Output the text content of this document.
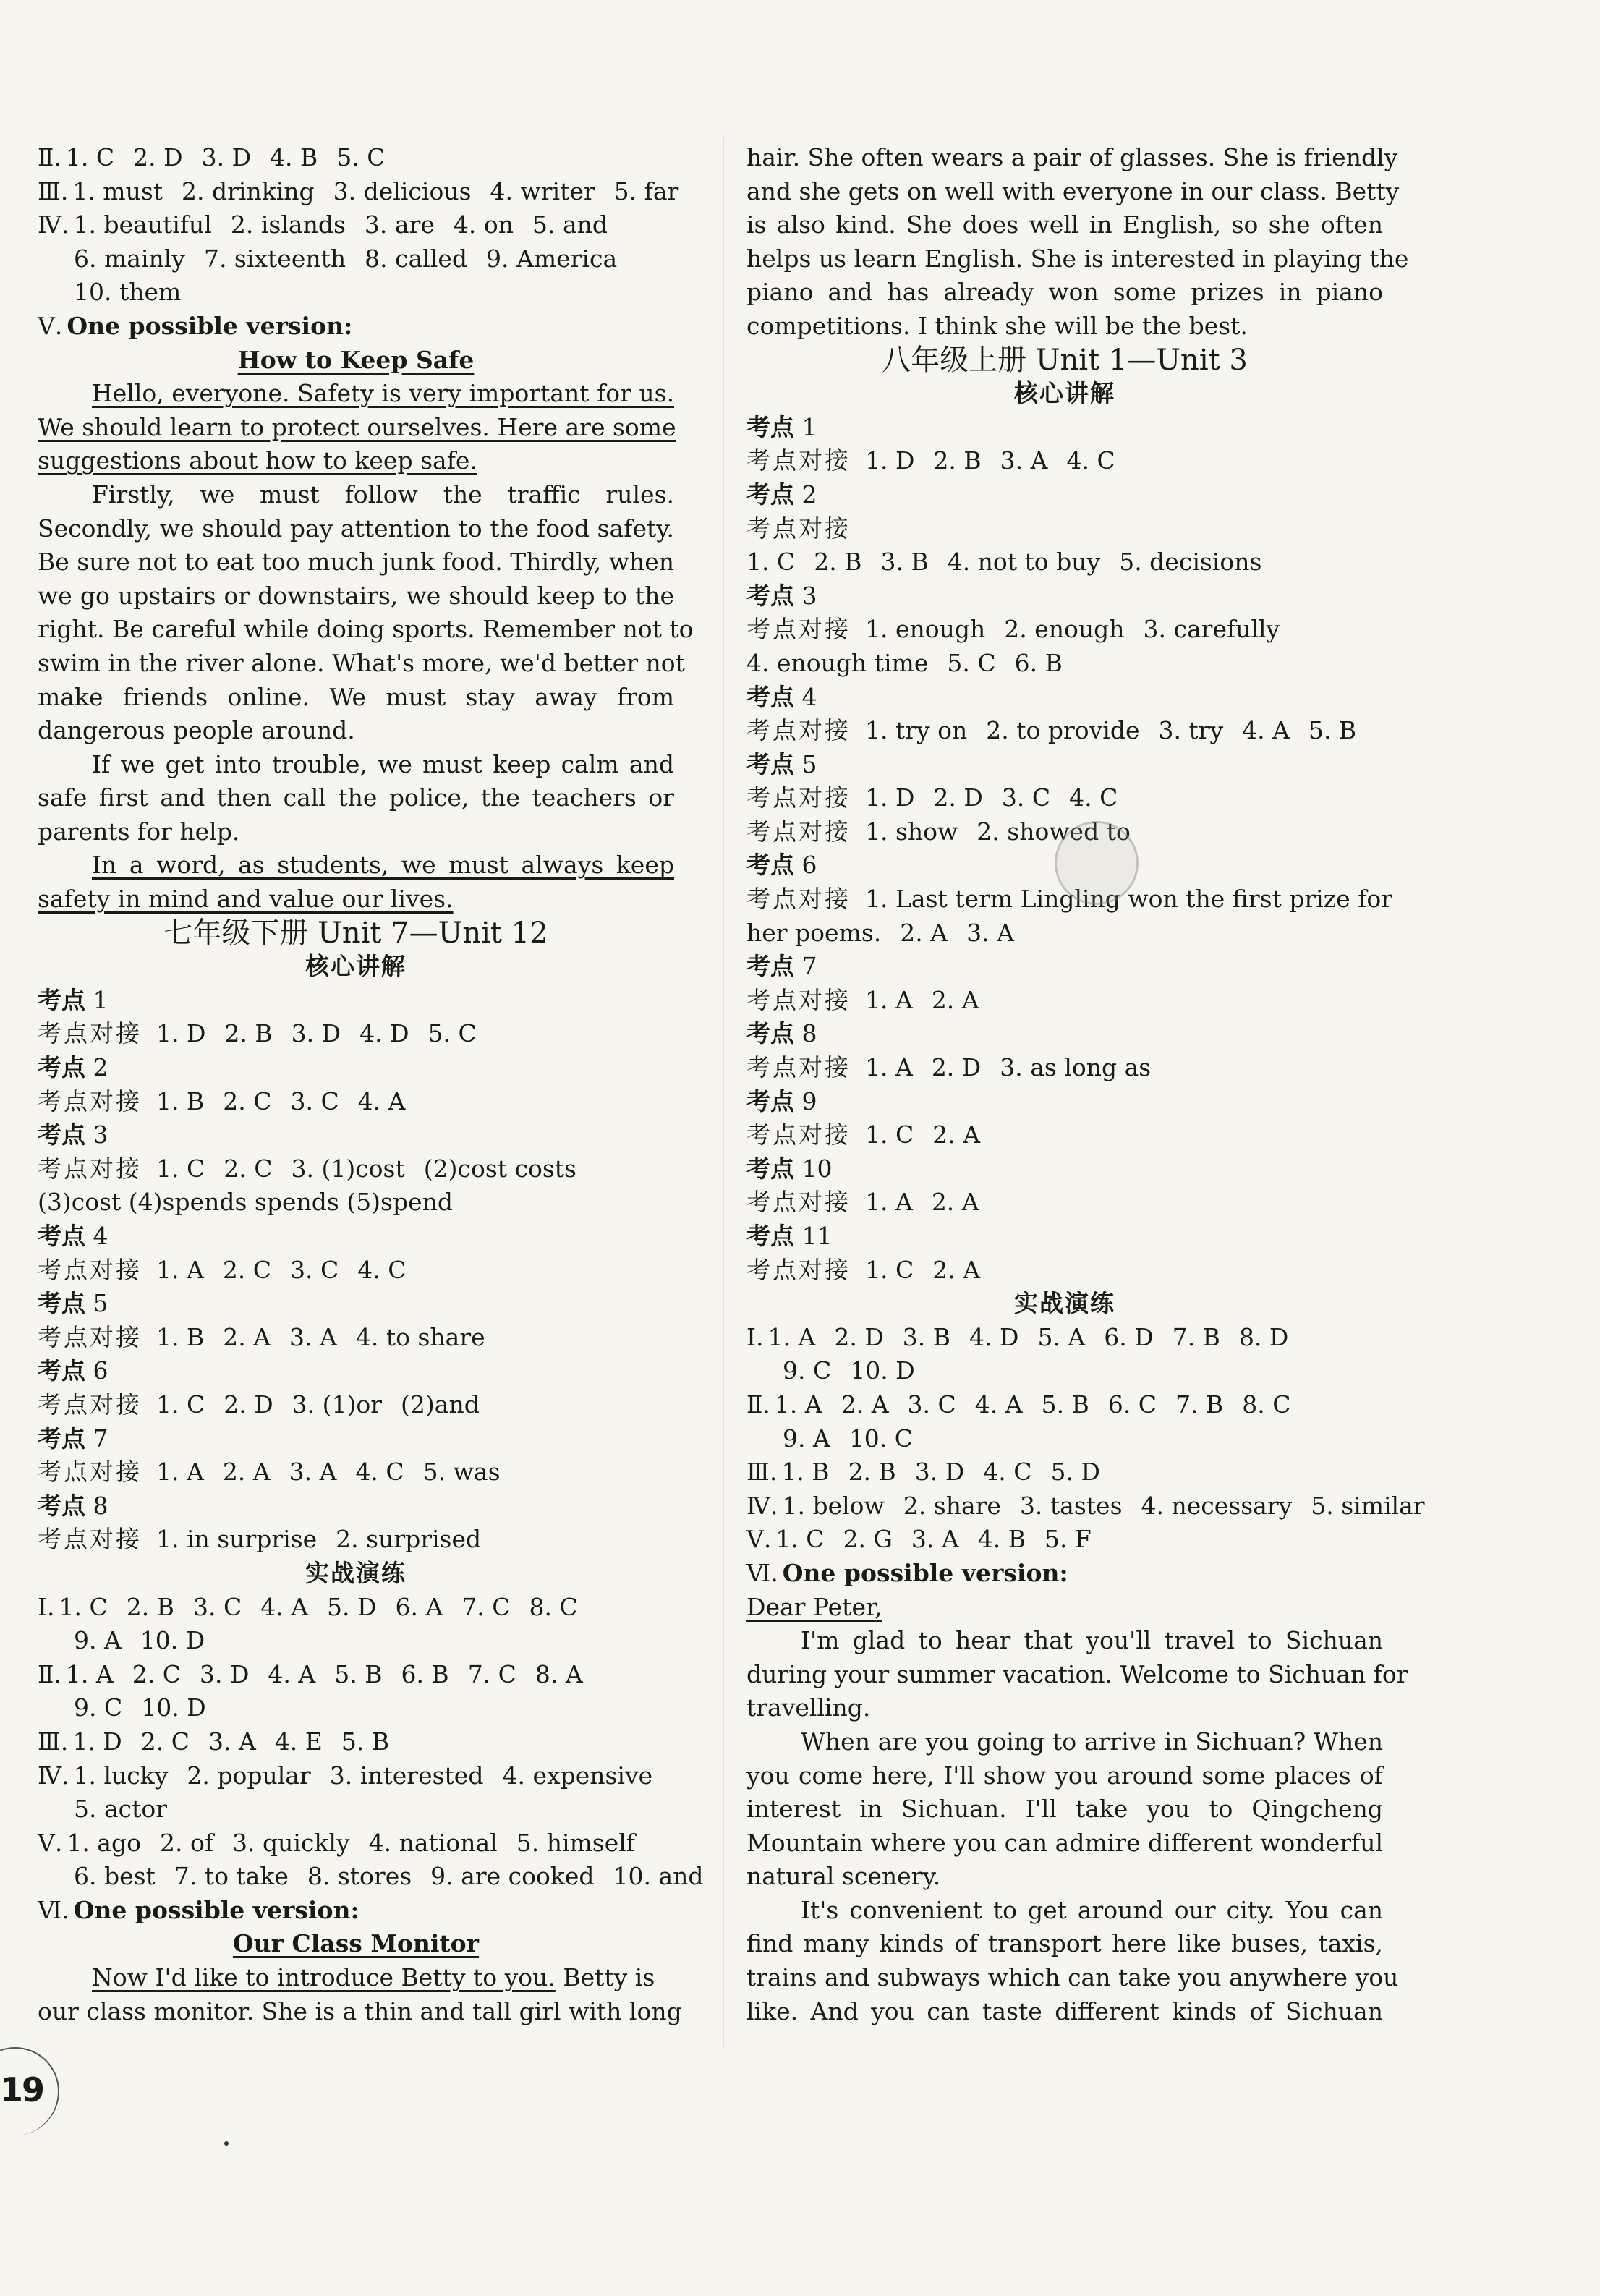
Ⅱ. 1. C 2. D 3. D 4. B 5. C
Ⅲ. 1. must 2. drinking 3. delicious 4. writer 5. far
Ⅳ. 1. beautiful 2. islands 3. are 4. on 5. and
6. mainly 7. sixteenth 8. called 9. America
10. them
Ⅴ. One possible version:
How to Keep Safe
Hello, everyone. Safety is very important for us.
We should learn to protect ourselves. Here are some
suggestions about how to keep safe.
Firstly, we must follow the traffic rules.
Secondly, we should pay attention to the food safety.
Be sure not to eat too much junk food. Thirdly, when
we go upstairs or downstairs, we should keep to the
right. Be careful while doing sports. Remember not to
swim in the river alone. What's more, we'd better not
make friends online. We must stay away from
dangerous people around.
If we get into trouble, we must keep calm and
safe first and then call the police, the teachers or
parents for help.
In a word, as students, we must always keep
safety in mind and value our lives.
七年级下册 Unit 7—Unit 12
核心讲解
考点 1
考点对接 1. D 2. B 3. D 4. D 5. C
考点 2
考点对接 1. B 2. C 3. C 4. A
考点 3
考点对接 1. C 2. C 3. (1)cost (2)cost costs
(3)cost (4)spends spends (5)spend
考点 4
考点对接 1. A 2. C 3. C 4. C
考点 5
考点对接 1. B 2. A 3. A 4. to share
考点 6
考点对接 1. C 2. D 3. (1)or (2)and
考点 7
考点对接 1. A 2. A 3. A 4. C 5. was
考点 8
考点对接 1. in surprise 2. surprised
实战演练
Ⅰ. 1. C 2. B 3. C 4. A 5. D 6. A 7. C 8. C
9. A 10. D
Ⅱ. 1. A 2. C 3. D 4. A 5. B 6. B 7. C 8. A
9. C 10. D
Ⅲ. 1. D 2. C 3. A 4. E 5. B
Ⅳ. 1. lucky 2. popular 3. interested 4. expensive
5. actor
Ⅴ. 1. ago 2. of 3. quickly 4. national 5. himself
6. best 7. to take 8. stores 9. are cooked 10. and
Ⅵ. One possible version:
Our Class Monitor
Now I'd like to introduce Betty to you. Betty is
our class monitor. She is a thin and tall girl with long
hair. She often wears a pair of glasses. She is friendly
and she gets on well with everyone in our class. Betty
is also kind. She does well in English, so she often
helps us learn English. She is interested in playing the
piano and has already won some prizes in piano
competitions. I think she will be the best.
八年级上册 Unit 1—Unit 3
核心讲解
考点 1
考点对接 1. D 2. B 3. A 4. C
考点 2
考点对接
1. C 2. B 3. B 4. not to buy 5. decisions
考点 3
考点对接 1. enough 2. enough 3. carefully
4. enough time 5. C 6. B
考点 4
考点对接 1. try on 2. to provide 3. try 4. A 5. B
考点 5
考点对接 1. D 2. D 3. C 4. C
考点对接 1. show 2. showed to
考点 6
考点对接 1. Last term Lingling won the first prize for
her poems. 2. A 3. A
考点 7
考点对接 1. A 2. A
考点 8
考点对接 1. A 2. D 3. as long as
考点 9
考点对接 1. C 2. A
考点 10
考点对接 1. A 2. A
考点 11
考点对接 1. C 2. A
实战演练
Ⅰ. 1. A 2. D 3. B 4. D 5. A 6. D 7. B 8. D
9. C 10. D
Ⅱ. 1. A 2. A 3. C 4. A 5. B 6. C 7. B 8. C
9. A 10. C
Ⅲ. 1. B 2. B 3. D 4. C 5. D
Ⅳ. 1. below 2. share 3. tastes 4. necessary 5. similar
Ⅴ. 1. C 2. G 3. A 4. B 5. F
Ⅵ. One possible version:
Dear Peter,
I'm glad to hear that you'll travel to Sichuan
during your summer vacation. Welcome to Sichuan for
travelling.
When are you going to arrive in Sichuan? When
you come here, I'll show you around some places of
interest in Sichuan. I'll take you to Qingcheng
Mountain where you can admire different wonderful
natural scenery.
It's convenient to get around our city. You can
find many kinds of transport here like buses, taxis,
trains and subways which can take you anywhere you
like. And you can taste different kinds of Sichuan
19
